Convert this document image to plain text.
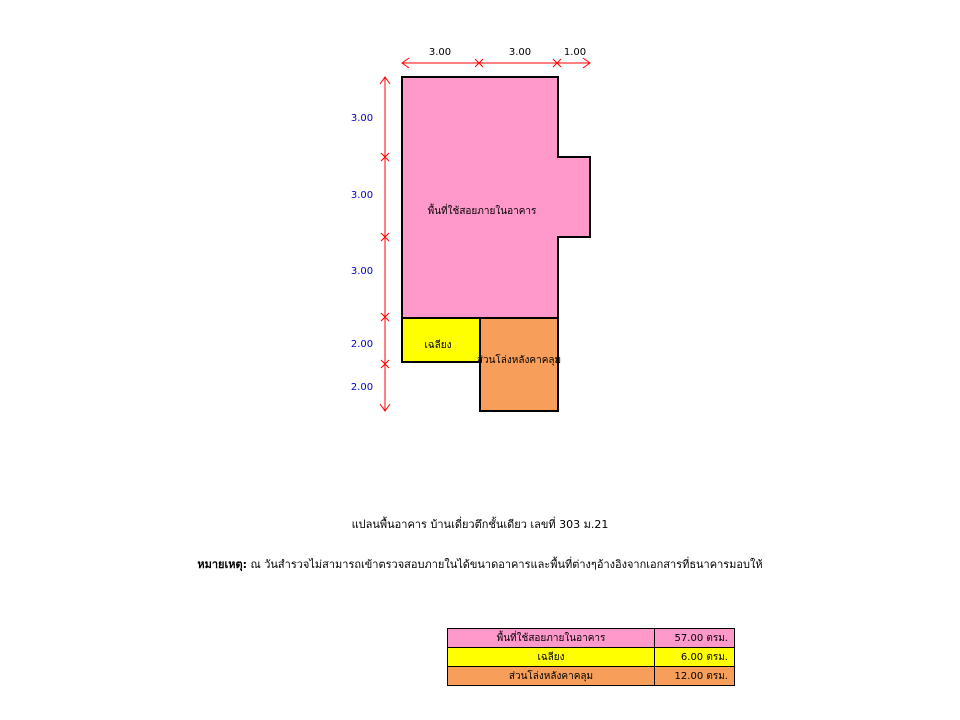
3.00	3.00	1.00
3.00
3.00
3.00
2.00
2.00
พื้นที่ใช้สอยภายในอาคาร
เฉลียง
ส่วนโล่งหลังคาคลุม
แปลนพื้นอาคาร บ้านเดี่ยวตึกชั้นเดียว เลขที่ 303 ม.21
หมายเหตุ: ณ วันสำรวจไม่สามารถเข้าตรวจสอบภายในได้ขนาดอาคารและพื้นที่ต่างๆอ้างอิงจากเอกสารที่ธนาคารมอบให้
พื้นที่ใช้สอยภายในอาคาร	57.00 ตรม.
เฉลียง	6.00 ตรม.
ส่วนโล่งหลังคาคลุม	12.00 ตรม.
